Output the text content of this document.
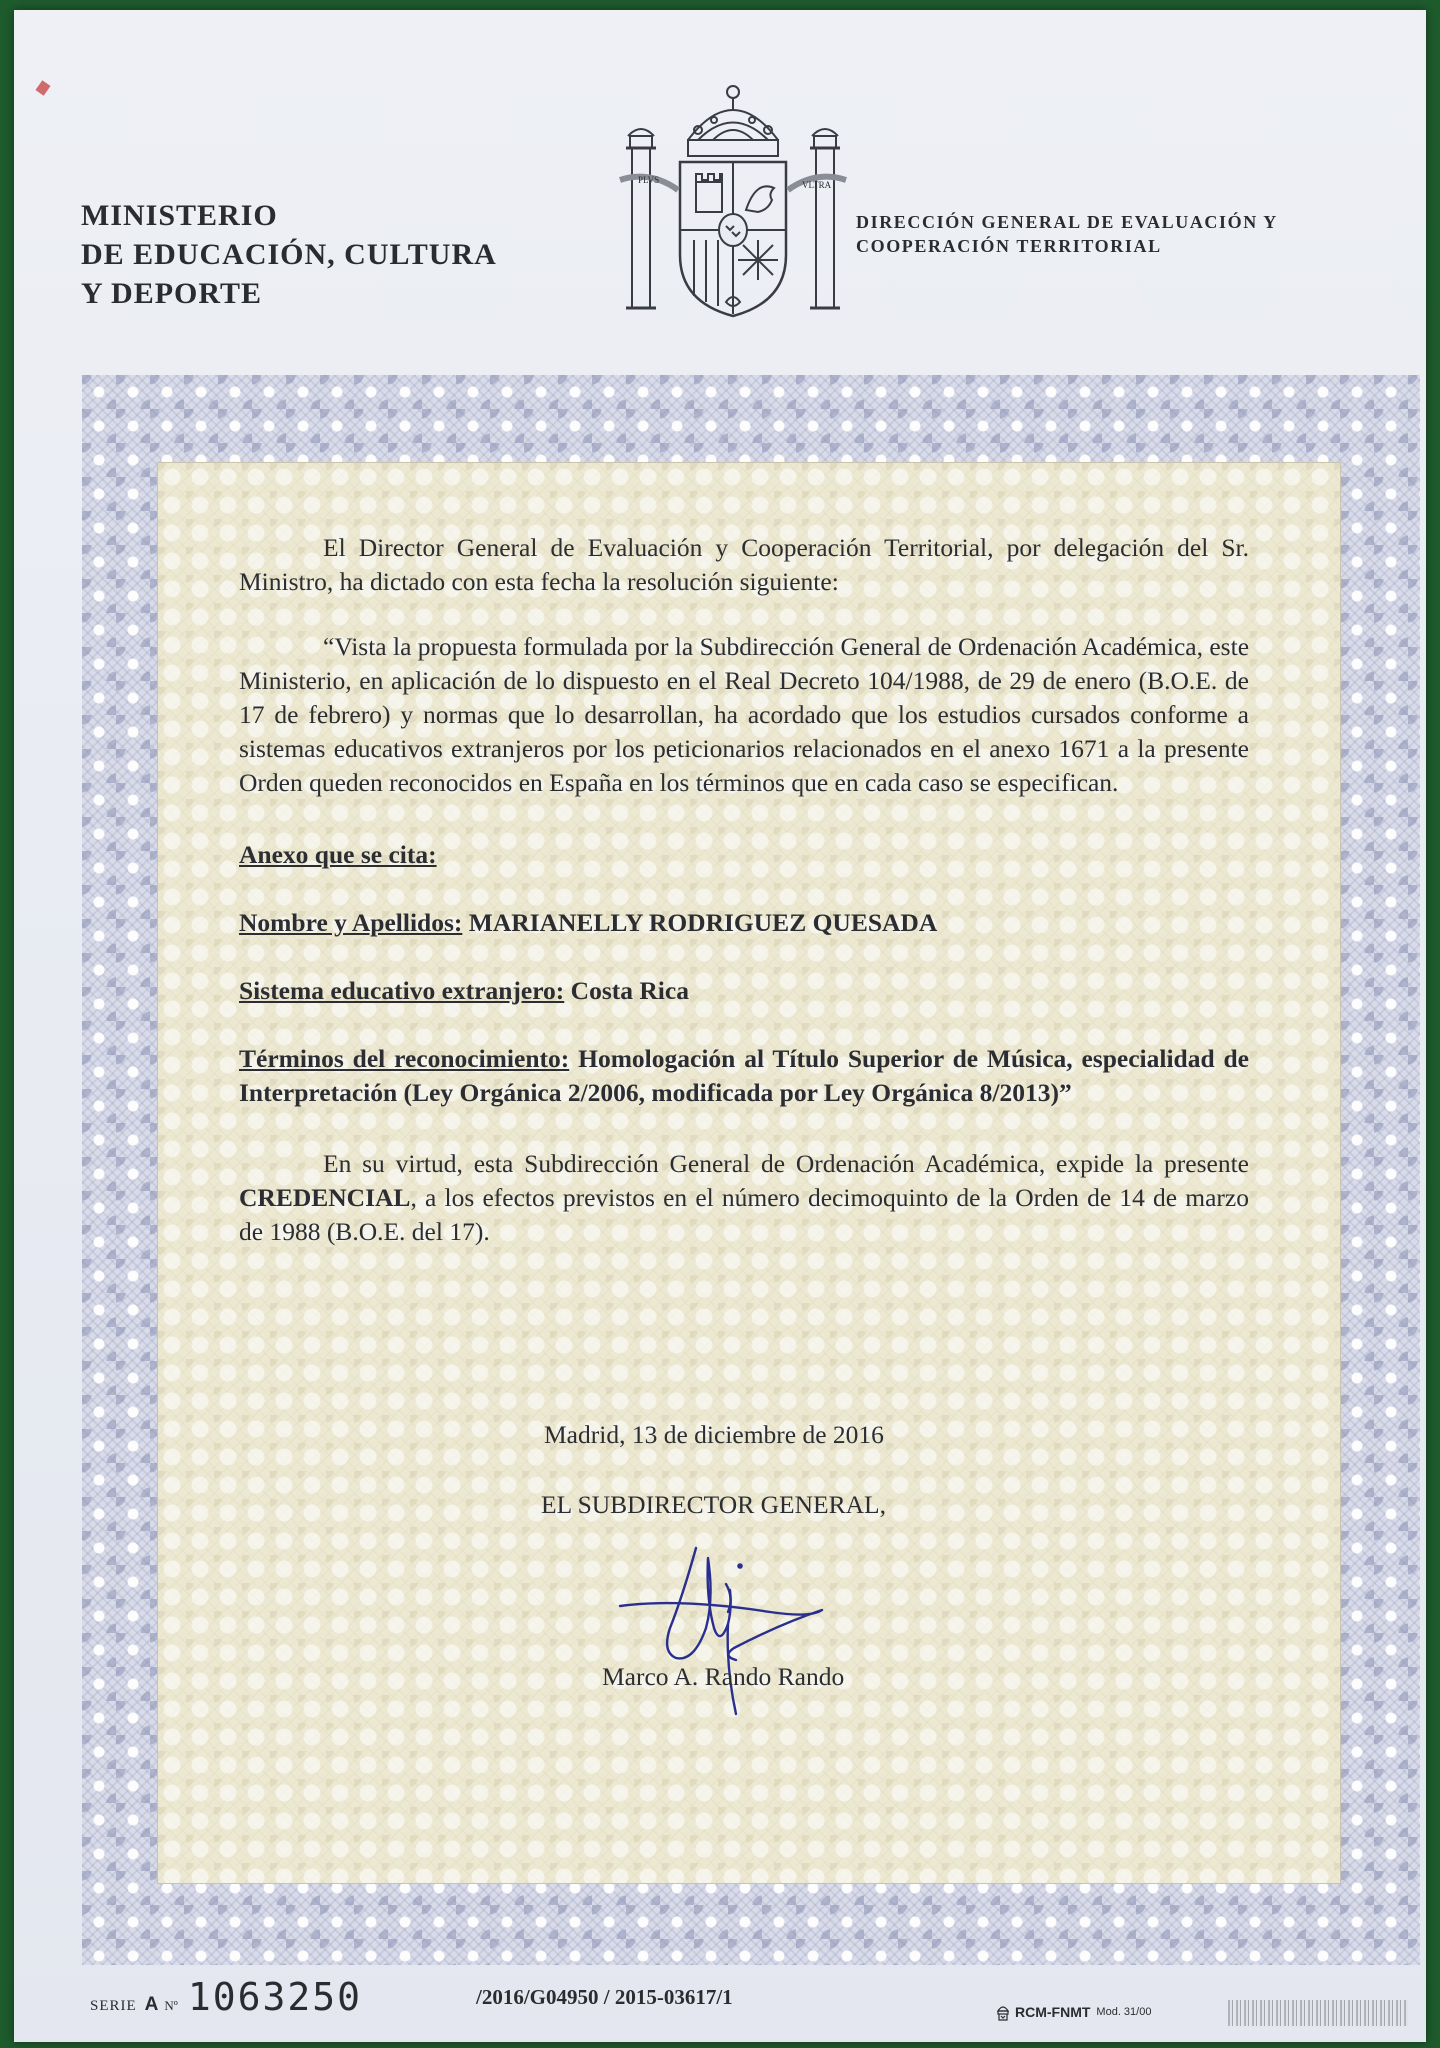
MINISTERIO
DE EDUCACIÓN, CULTURA
Y DEPORTE
PLVS	VLTRA
DIRECCIÓN GENERAL DE EVALUACIÓN Y
COOPERACIÓN TERRITORIAL

El Director General de Evaluación y Cooperación Territorial, por delegación del Sr. Ministro, ha dictado con esta fecha la resolución siguiente:

“Vista la propuesta formulada por la Subdirección General de Ordenación Académica, este Ministerio, en aplicación de lo dispuesto en el Real Decreto 104/1988, de 29 de enero (B.O.E. de 17 de febrero) y normas que lo desarrollan, ha acordado que los estudios cursados conforme a sistemas educativos extranjeros por los peticionarios relacionados en el anexo 1671 a la presente Orden queden reconocidos en España en los términos que en cada caso se especifican.

Anexo que se cita:

Nombre y Apellidos: MARIANELLY RODRIGUEZ QUESADA

Sistema educativo extranjero: Costa Rica

Términos del reconocimiento: Homologación al Título Superior de Música, especialidad de Interpretación (Ley Orgánica 2/2006, modificada por Ley Orgánica 8/2013)”

En su virtud, esta Subdirección General de Ordenación Académica, expide la presente CREDENCIAL, a los efectos previstos en el número decimoquinto de la Orden de 14 de marzo de 1988 (B.O.E. del 17).

Madrid, 13 de diciembre de 2016
EL SUBDIRECTOR GENERAL,
Marco A. Rando Rando
SERIE A Nº 1063250	/2016/G04950 / 2015-03617/1
RCM-FNMT Mod. 31/00
